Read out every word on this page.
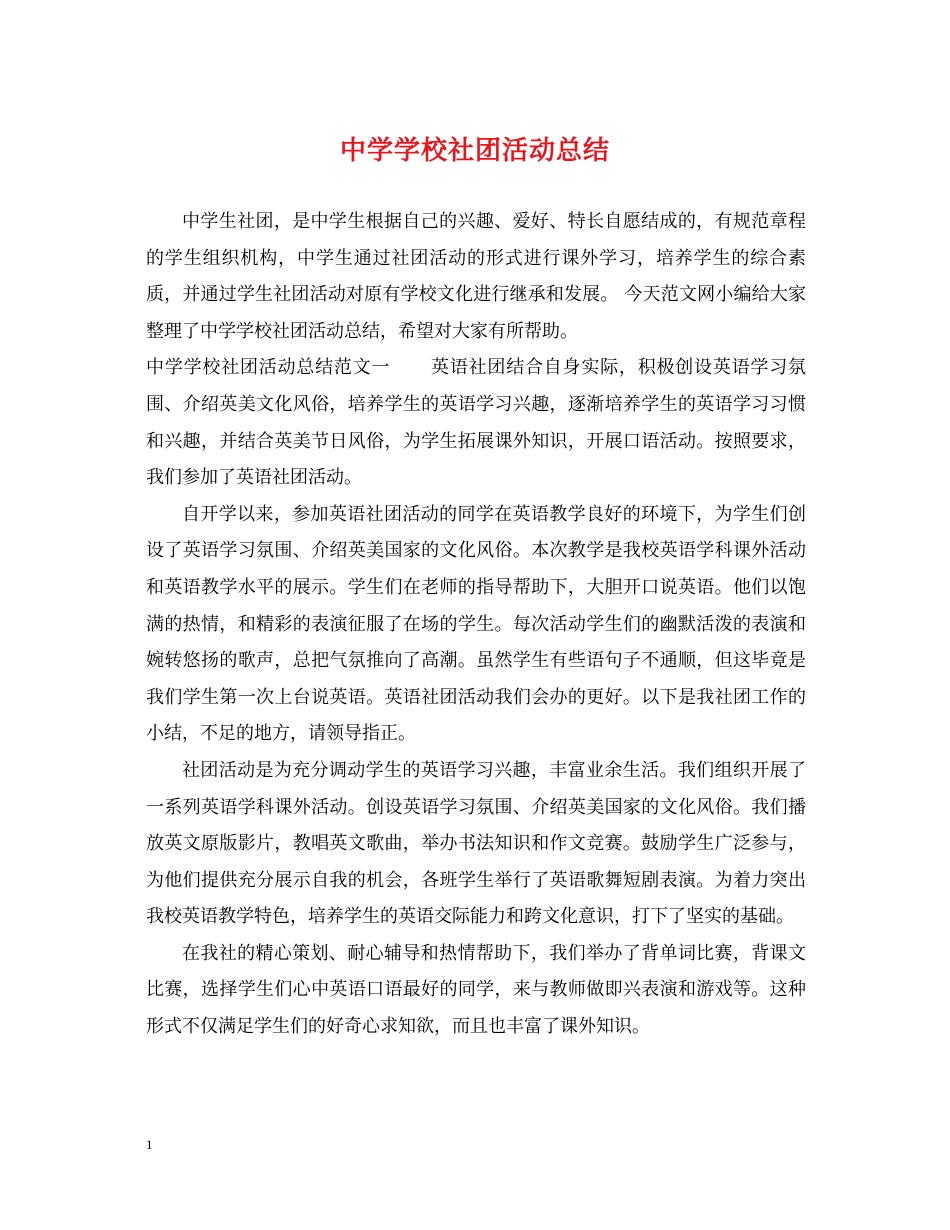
中学学校社团活动总结

中学生社团，是中学生根据自己的兴趣、爱好、特长自愿结成的，有规范章程的学生组织机构，中学生通过社团活动的形式进行课外学习，培养学生的综合素质，并通过学生社团活动对原有学校文化进行继承和发展。 今天范文网小编给大家整理了中学学校社团活动总结，希望对大家有所帮助。

中学学校社团活动总结范文一 英语社团结合自身实际，积极创设英语学习氛围、介绍英美文化风俗，培养学生的英语学习兴趣，逐渐培养学生的英语学习习惯和兴趣，并结合英美节日风俗，为学生拓展课外知识，开展口语活动。按照要求，我们参加了英语社团活动。

自开学以来，参加英语社团活动的同学在英语教学良好的环境下，为学生们创设了英语学习氛围、介绍英美国家的文化风俗。本次教学是我校英语学科课外活动和英语教学水平的展示。学生们在老师的指导帮助下，大胆开口说英语。他们以饱满的热情，和精彩的表演征服了在场的学生。每次活动学生们的幽默活泼的表演和婉转悠扬的歌声，总把气氛推向了高潮。虽然学生有些语句子不通顺，但这毕竟是我们学生第一次上台说英语。英语社团活动我们会办的更好。以下是我社团工作的小结，不足的地方，请领导指正。

社团活动是为充分调动学生的英语学习兴趣，丰富业余生活。我们组织开展了一系列英语学科课外活动。创设英语学习氛围、介绍英美国家的文化风俗。我们播放英文原版影片，教唱英文歌曲，举办书法知识和作文竞赛。鼓励学生广泛参与，为他们提供充分展示自我的机会，各班学生举行了英语歌舞短剧表演。为着力突出我校英语教学特色，培养学生的英语交际能力和跨文化意识，打下了坚实的基础。

在我社的精心策划、耐心辅导和热情帮助下，我们举办了背单词比赛，背课文比赛，选择学生们心中英语口语最好的同学，来与教师做即兴表演和游戏等。这种形式不仅满足学生们的好奇心求知欲，而且也丰富了课外知识。

1
